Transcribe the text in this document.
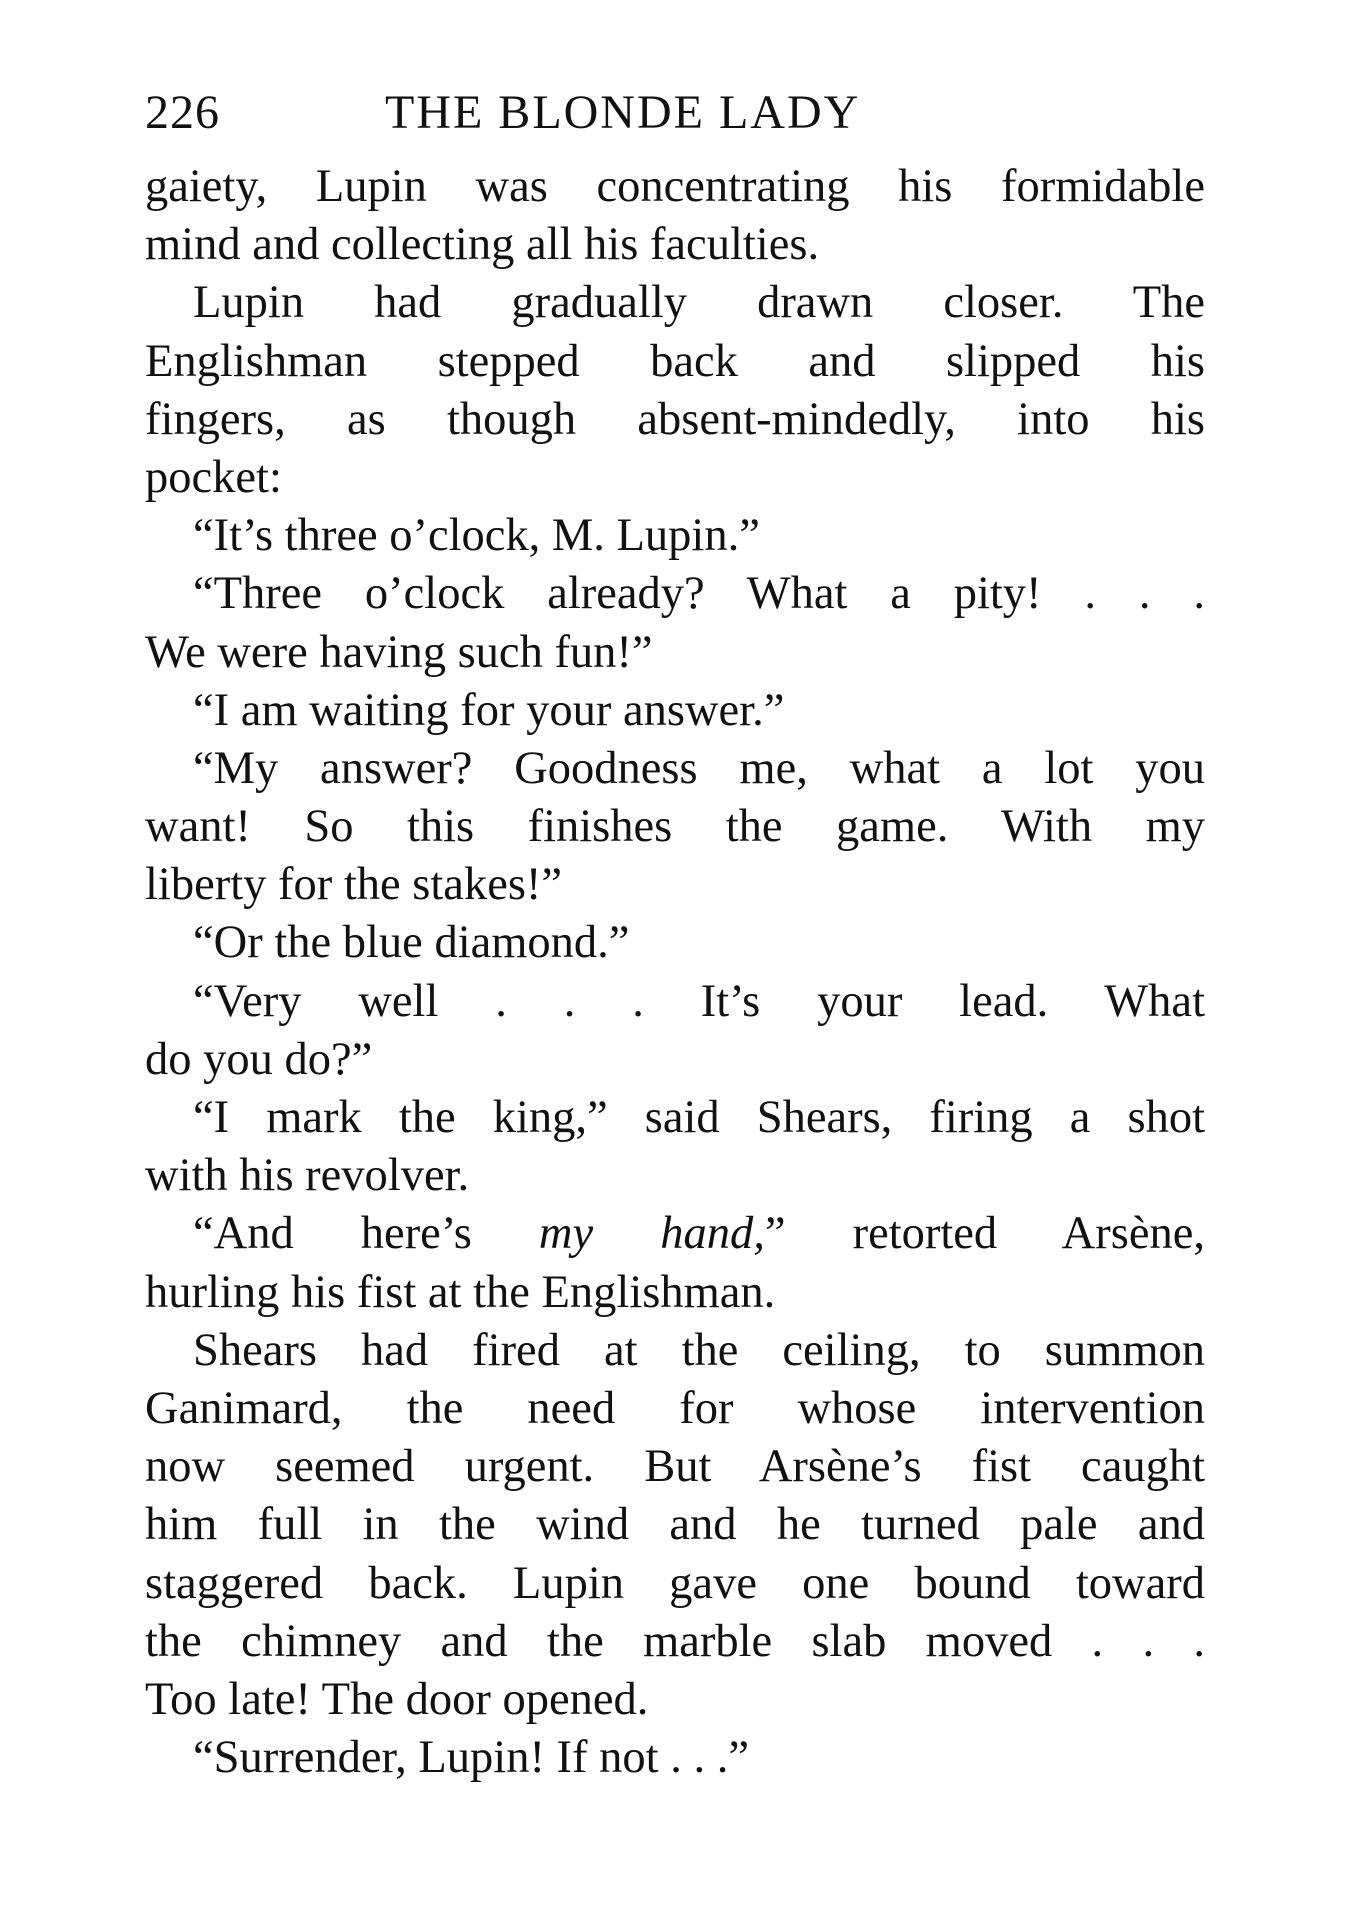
226	THE BLONDE LADY
gaiety, Lupin was concentrating his formidable
mind and collecting all his faculties.
Lupin had gradually drawn closer. The
Englishman stepped back and slipped his
fingers, as though absent-mindedly, into his
pocket:
“It’s three o’clock, M. Lupin.”
“Three o’clock already? What a pity! . . .
We were having such fun!”
“I am waiting for your answer.”
“My answer? Goodness me, what a lot you
want! So this finishes the game. With my
liberty for the stakes!”
“Or the blue diamond.”
“Very well . . . It’s your lead. What
do you do?”
“I mark the king,” said Shears, firing a shot
with his revolver.
“And here’s my hand,” retorted Arsène,
hurling his fist at the Englishman.
Shears had fired at the ceiling, to summon
Ganimard, the need for whose intervention
now seemed urgent. But Arsène’s fist caught
him full in the wind and he turned pale and
staggered back. Lupin gave one bound toward
the chimney and the marble slab moved . . .
Too late! The door opened.
“Surrender, Lupin! If not . . .”
